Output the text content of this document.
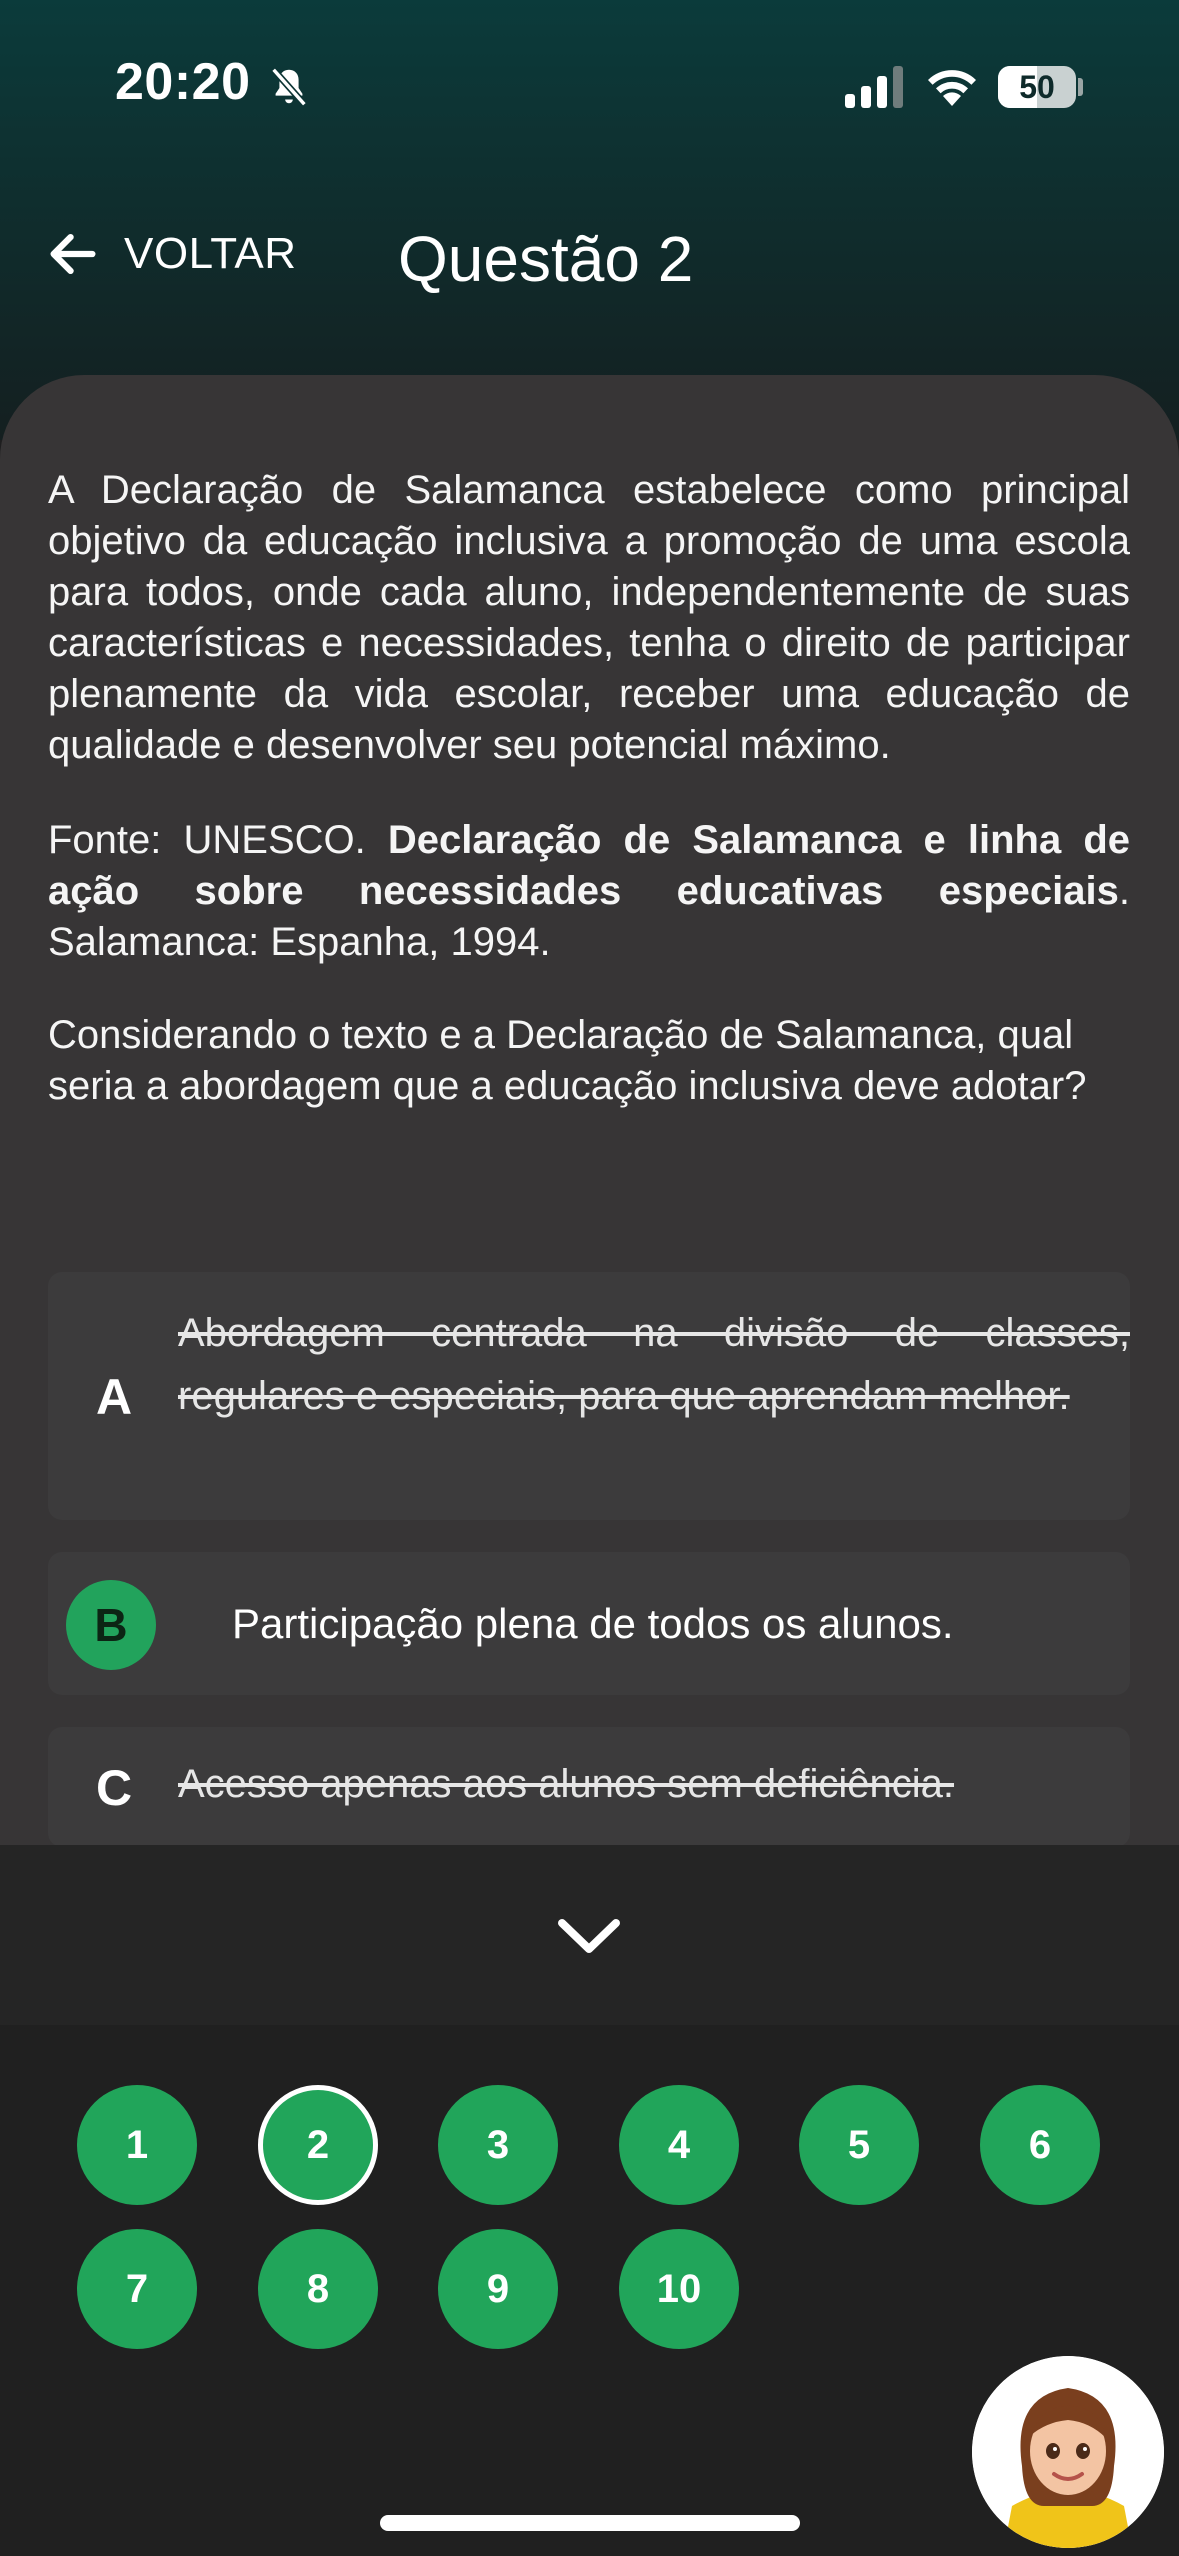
20:20	50
VOLTAR Questão 2

A Declaração de Salamanca estabelece como principal objetivo da educação inclusiva a promoção de uma escola para todos, onde cada aluno, independentemente de suas características e necessidades, tenha o direito de participar plenamente da vida escolar, receber uma educação de qualidade e desenvolver seu potencial máximo.

Fonte: UNESCO. Declaração de Salamanca e linha de ação sobre necessidades educativas especiais. Salamanca: Espanha, 1994.

Considerando o texto e a Declaração de Salamanca, qual seria a abordagem que a educação inclusiva deve adotar?

A
Abordagem centrada na divisão de classes, regulares e especiais, para que aprendam melhor.
B	Participação plena de todos os alunos.
C Acesso apenas aos alunos sem deficiência.
1	2	3	4	5	6
7	8	9	10
